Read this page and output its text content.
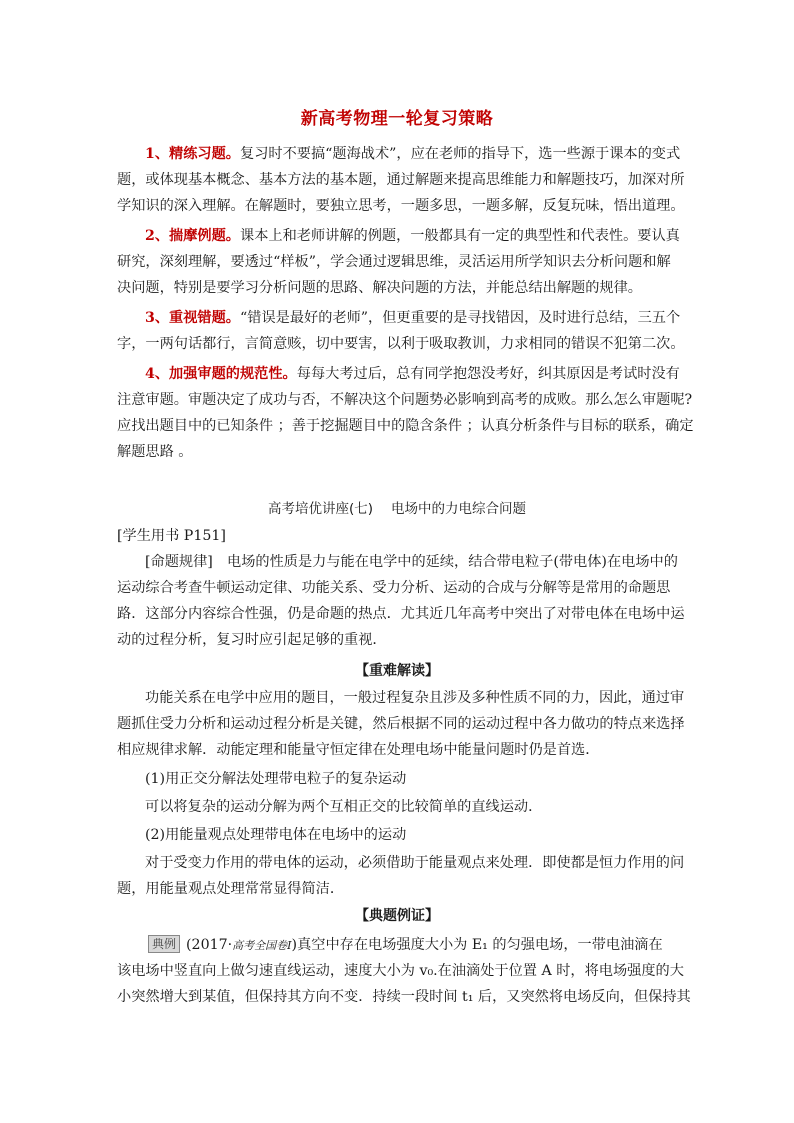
新高考物理一轮复习策略
1、精练习题。复习时不要搞“题海战术”，应在老师的指导下，选一些源于课本的变式
题，或体现基本概念、基本方法的基本题，通过解题来提高思维能力和解题技巧，加深对所
学知识的深入理解。在解题时，要独立思考，一题多思，一题多解，反复玩味，悟出道理。
2、揣摩例题。课本上和老师讲解的例题，一般都具有一定的典型性和代表性。要认真
研究，深刻理解，要透过“样板”，学会通过逻辑思维，灵活运用所学知识去分析问题和解
决问题，特别是要学习分析问题的思路、解决问题的方法，并能总结出解题的规律。
3、重视错题。“错误是最好的老师”，但更重要的是寻找错因，及时进行总结，三五个
字，一两句话都行，言简意赅，切中要害，以利于吸取教训，力求相同的错误不犯第二次。
4、加强审题的规范性。每每大考过后，总有同学抱怨没考好，纠其原因是考试时没有
注意审题。审题决定了成功与否，不解决这个问题势必影响到高考的成败。那么怎么审题呢?
应找出题目中的已知条件 ；善于挖掘题目中的隐含条件 ；认真分析条件与目标的联系，确定
解题思路 。
高考培优讲座(七) 电场中的力电综合问题
[学生用书 P151]
[命题规律]　电场的性质是力与能在电学中的延续，结合带电粒子(带电体)在电场中的
运动综合考查牛顿运动定律、功能关系、受力分析、运动的合成与分解等是常用的命题思
路．这部分内容综合性强，仍是命题的热点．尤其近几年高考中突出了对带电体在电场中运
动的过程分析，复习时应引起足够的重视．
【重难解读】
功能关系在电学中应用的题目，一般过程复杂且涉及多种性质不同的力，因此，通过审
题抓住受力分析和运动过程分析是关键，然后根据不同的运动过程中各力做功的特点来选择
相应规律求解．动能定理和能量守恒定律在处理电场中能量问题时仍是首选．
(1)用正交分解法处理带电粒子的复杂运动
可以将复杂的运动分解为两个互相正交的比较简单的直线运动．
(2)用能量观点处理带电体在电场中的运动
对于受变力作用的带电体的运动，必须借助于能量观点来处理．即使都是恒力作用的问
题，用能量观点处理常常显得简洁．
【典题例证】
典例 (2017·高考全国卷Ⅰ)真空中存在电场强度大小为 E₁ 的匀强电场，一带电油滴在
该电场中竖直向上做匀速直线运动，速度大小为 v₀.在油滴处于位置 A 时，将电场强度的大
小突然增大到某值，但保持其方向不变．持续一段时间 t₁ 后，又突然将电场反向，但保持其
